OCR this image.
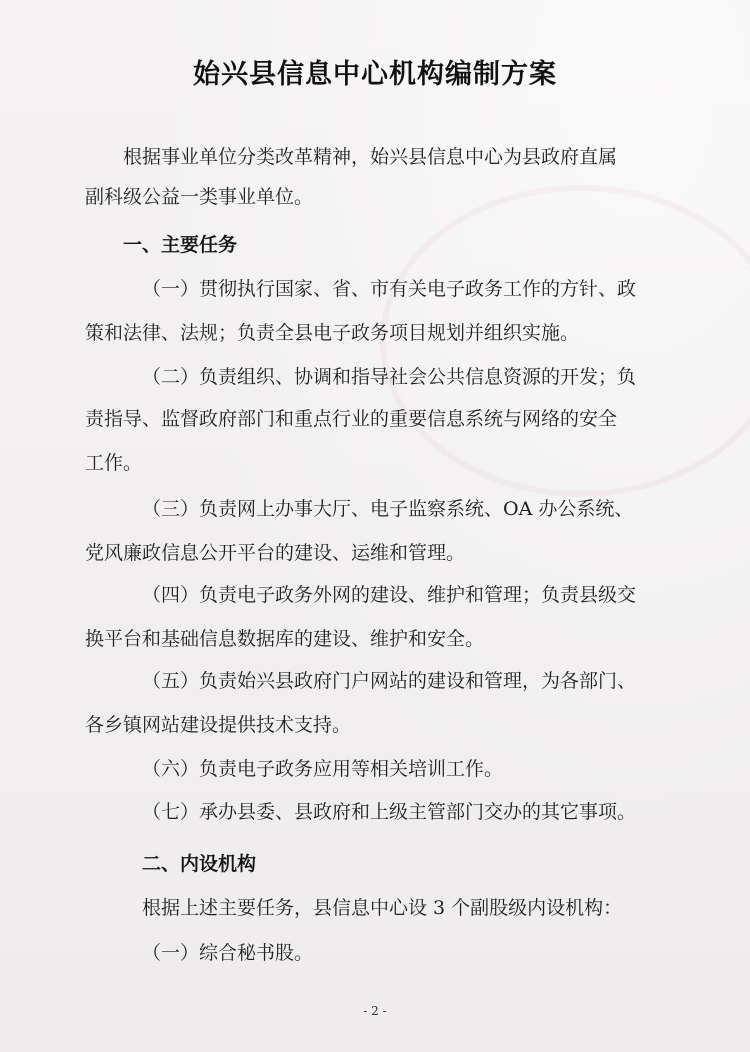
始兴县信息中心机构编制方案

根据事业单位分类改革精神，始兴县信息中心为县政府直属

副科级公益一类事业单位。

一、主要任务

（一）贯彻执行国家、省、市有关电子政务工作的方针、政

策和法律、法规；负责全县电子政务项目规划并组织实施。

（二）负责组织、协调和指导社会公共信息资源的开发；负

责指导、监督政府部门和重点行业的重要信息系统与网络的安全

工作。

（三）负责网上办事大厅、电子监察系统、OA 办公系统、

党风廉政信息公开平台的建设、运维和管理。

（四）负责电子政务外网的建设、维护和管理；负责县级交

换平台和基础信息数据库的建设、维护和安全。

（五）负责始兴县政府门户网站的建设和管理，为各部门、

各乡镇网站建设提供技术支持。

（六）负责电子政务应用等相关培训工作。

（七）承办县委、县政府和上级主管部门交办的其它事项。

二、内设机构

根据上述主要任务，县信息中心设 3 个副股级内设机构：

（一）综合秘书股。

- 2 -
